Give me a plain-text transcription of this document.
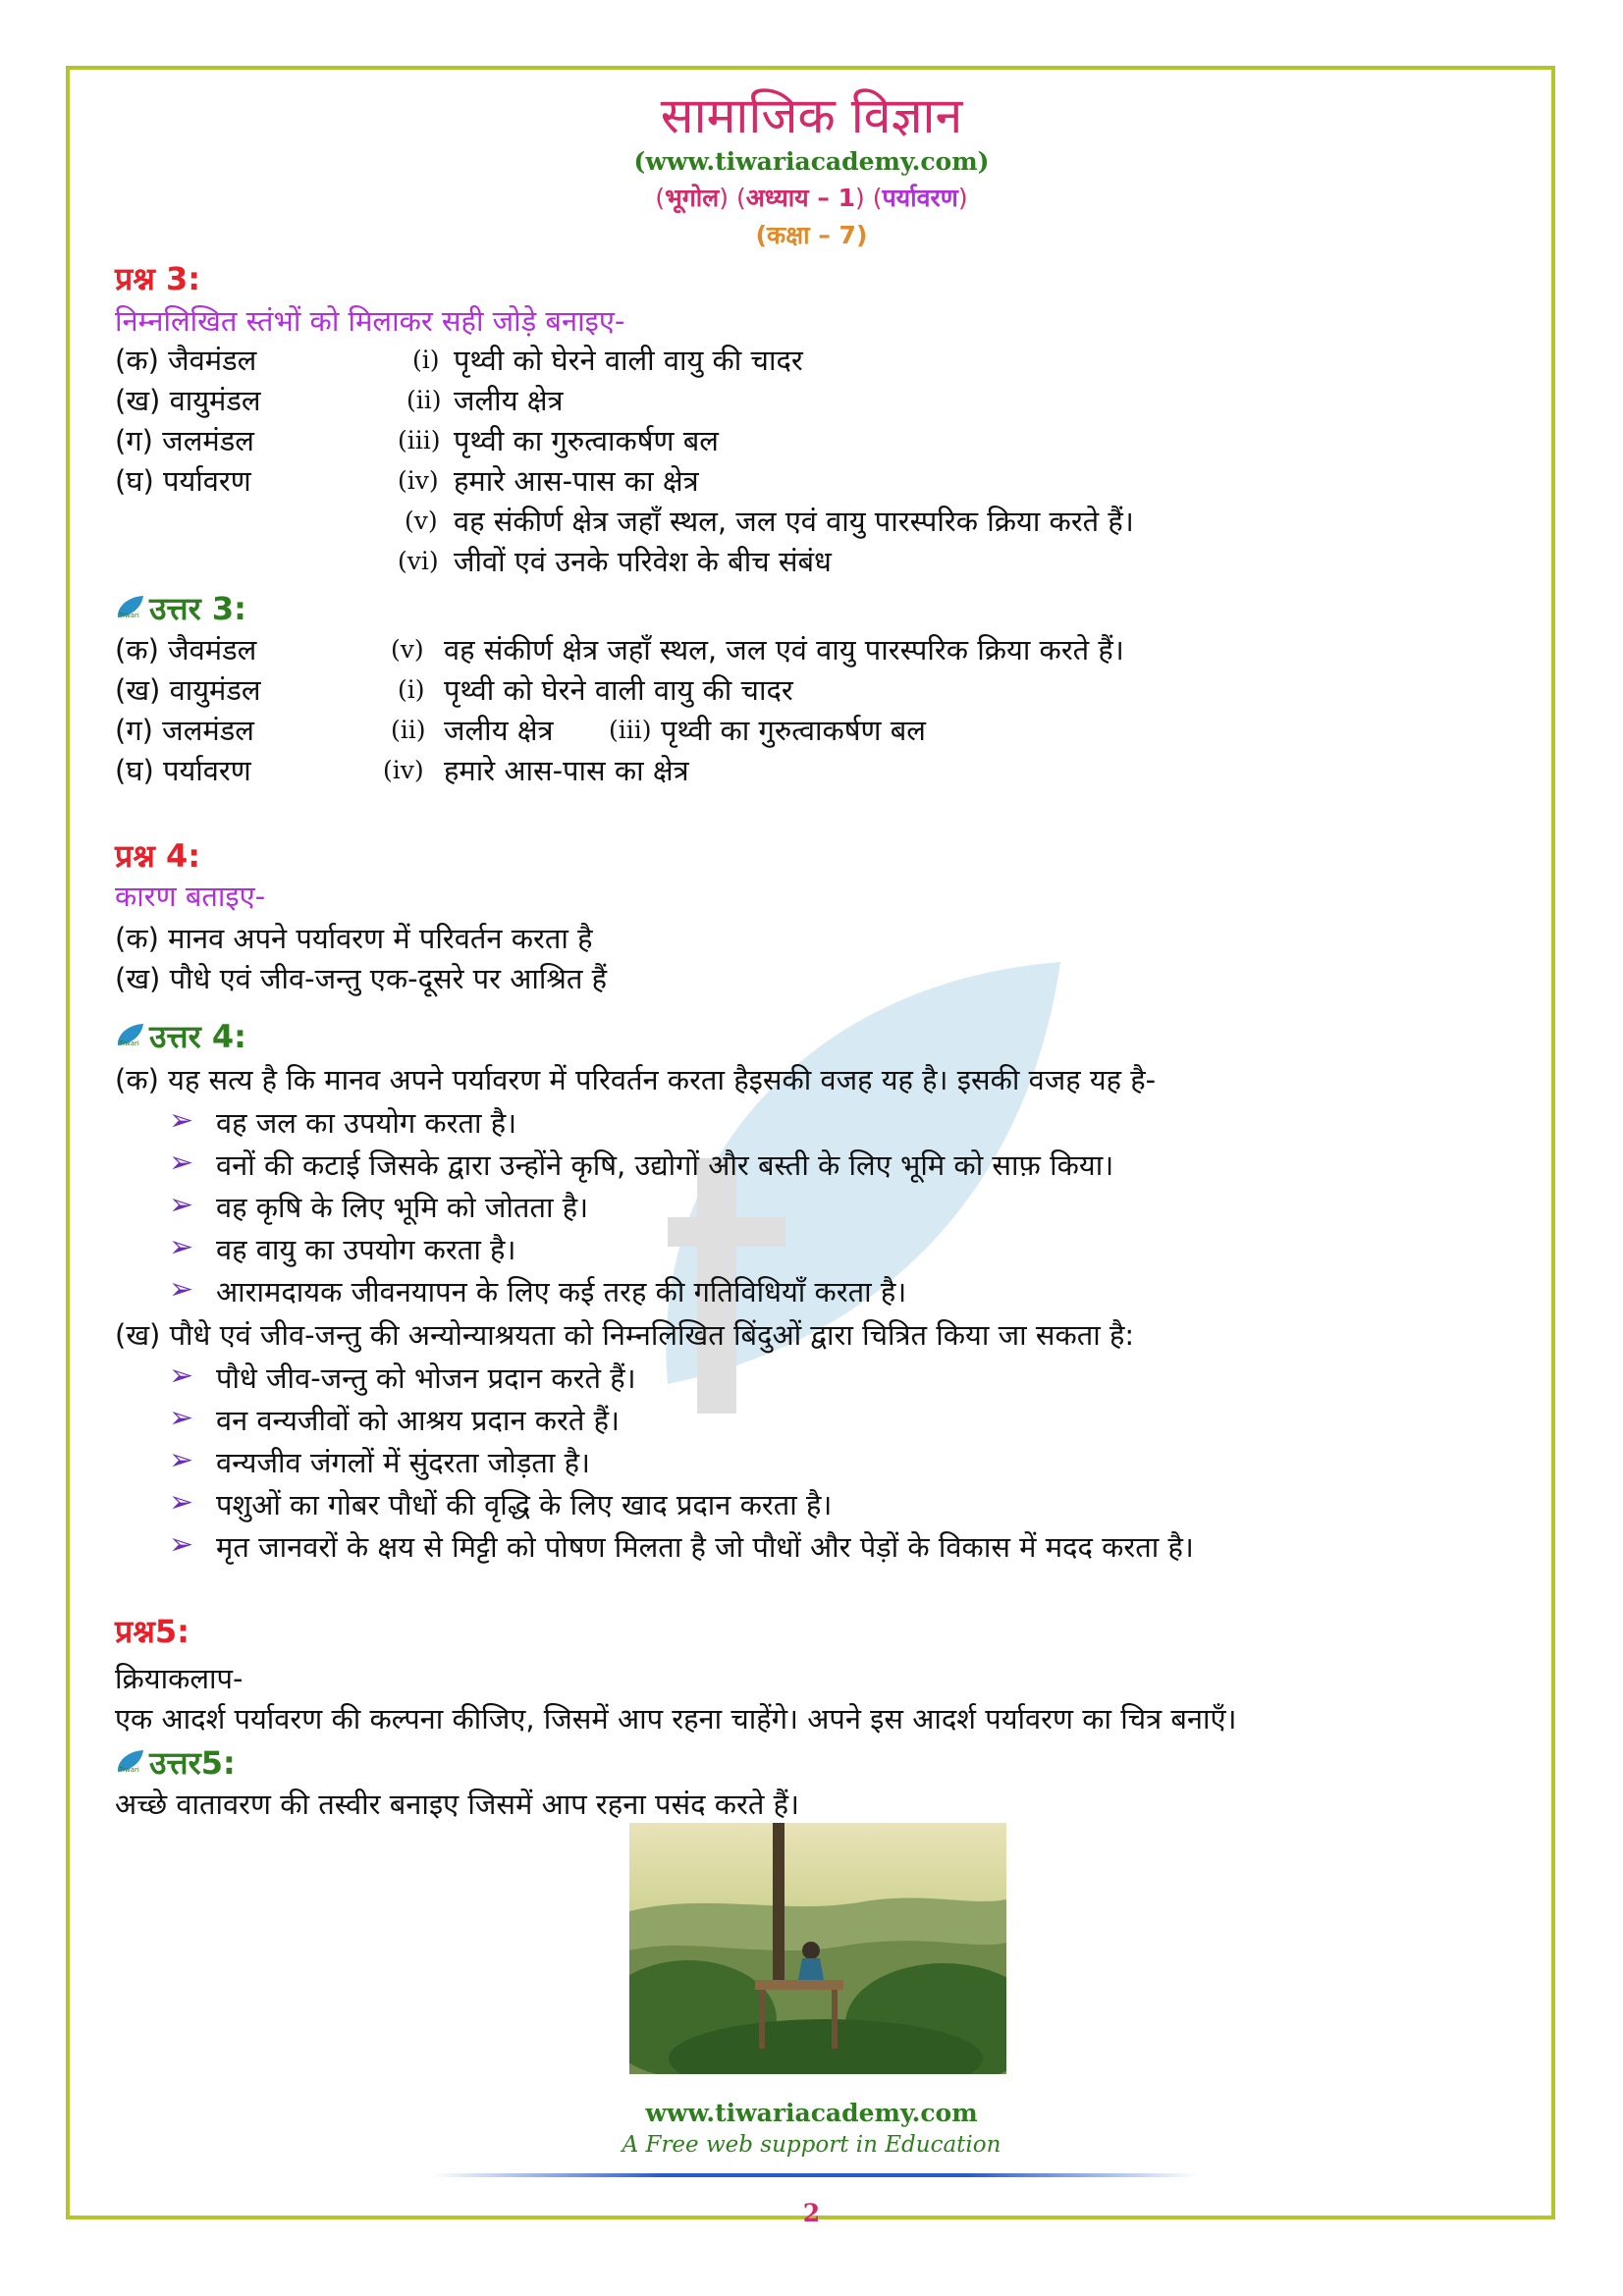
सामाजिक विज्ञान
(www.tiwariacademy.com)
(भूगोल) (अध्याय – 1) (पर्यावरण)
(कक्षा – 7)
प्रश्न 3:
निम्नलिखित स्तंभों को मिलाकर सही जोड़े बनाइए-
(क) जैवमंडल
(ख) वायुमंडल
(ग) जलमंडल
(घ) पर्यावरण
(i) पृथ्वी को घेरने वाली वायु की चादर
(ii) जलीय क्षेत्र
(iii) पृथ्वी का गुरुत्वाकर्षण बल
(iv) हमारे आस-पास का क्षेत्र
(v) वह संकीर्ण क्षेत्र जहाँ स्थल, जल एवं वायु पारस्परिक क्रिया करते हैं।
(vi) जीवों एवं उनके परिवेश के बीच संबंध
Tiwari उत्तर 3:
(क) जैवमंडल
(ख) वायुमंडल
(ग) जलमंडल
(घ) पर्यावरण
(v) वह संकीर्ण क्षेत्र जहाँ स्थल, जल एवं वायु पारस्परिक क्रिया करते हैं।
(i) पृथ्वी को घेरने वाली वायु की चादर
(ii) जलीय क्षेत्र (iii) पृथ्वी का गुरुत्वाकर्षण बल
(iv) हमारे आस-पास का क्षेत्र
प्रश्न 4:
कारण बताइए-
(क) मानव अपने पर्यावरण में परिवर्तन करता है
(ख) पौधे एवं जीव-जन्तु एक-दूसरे पर आश्रित हैं
Tiwari उत्तर 4:
(क) यह सत्य है कि मानव अपने पर्यावरण में परिवर्तन करता हैइसकी वजह यह है। इसकी वजह यह है-
➢ वह जल का उपयोग करता है।
➢ वनों की कटाई जिसके द्वारा उन्होंने कृषि, उद्योगों और बस्ती के लिए भूमि को साफ़ किया।
➢ वह कृषि के लिए भूमि को जोतता है।
➢ वह वायु का उपयोग करता है।
➢ आरामदायक जीवनयापन के लिए कई तरह की गतिविधियाँ करता है।
(ख) पौधे एवं जीव-जन्तु की अन्योन्याश्रयता को निम्नलिखित बिंदुओं द्वारा चित्रित किया जा सकता है:
➢ पौधे जीव-जन्तु को भोजन प्रदान करते हैं।
➢ वन वन्यजीवों को आश्रय प्रदान करते हैं।
➢ वन्यजीव जंगलों में सुंदरता जोड़ता है।
➢ पशुओं का गोबर पौधों की वृद्धि के लिए खाद प्रदान करता है।
➢ मृत जानवरों के क्षय से मिट्टी को पोषण मिलता है जो पौधों और पेड़ों के विकास में मदद करता है।
प्रश्न5:
क्रियाकलाप-
एक आदर्श पर्यावरण की कल्पना कीजिए, जिसमें आप रहना चाहेंगे। अपने इस आदर्श पर्यावरण का चित्र बनाएँ।
Tiwari उत्तर5:
अच्छे वातावरण की तस्वीर बनाइए जिसमें आप रहना पसंद करते हैं।
www.tiwariacademy.com
A Free web support in Education
2
